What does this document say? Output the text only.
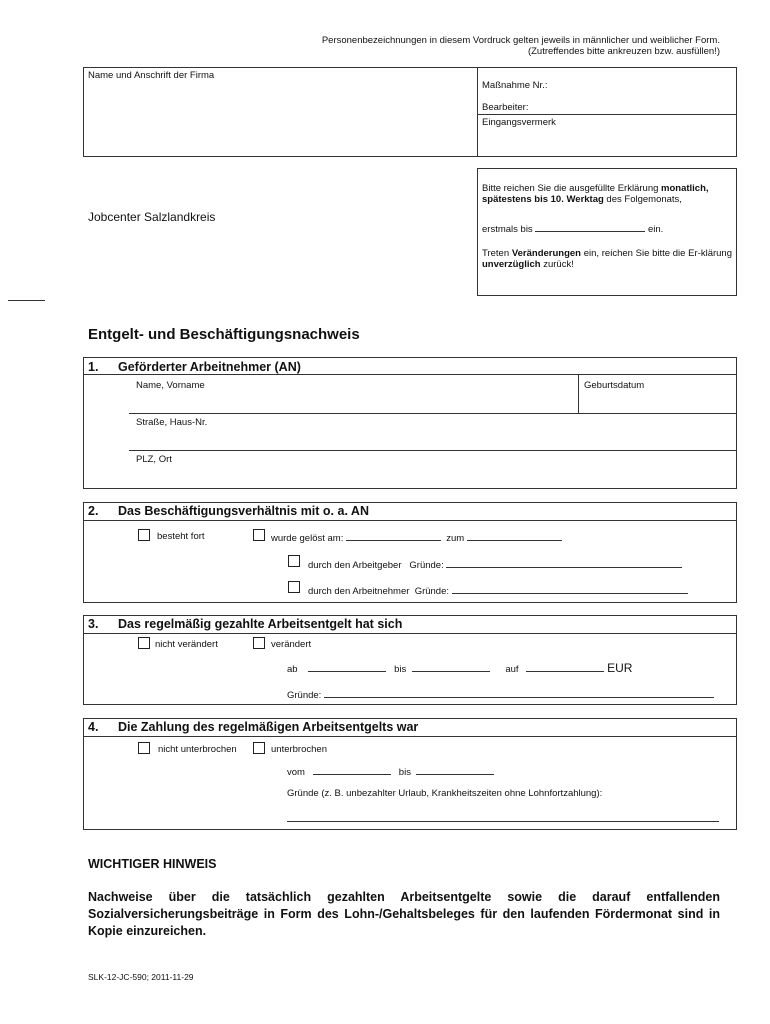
Personenbezeichnungen in diesem Vordruck gelten jeweils in männlicher und weiblicher Form.
(Zutreffendes bitte ankreuzen bzw. ausfüllen!)
Name und Anschrift der Firma
Maßnahme Nr.:
Bearbeiter:
Eingangsvermerk
Jobcenter Salzlandkreis
Bitte reichen Sie die ausgefüllte Erklärung monatlich, spätestens bis 10. Werktag des Folgemonats,
erstmals bis	ein.
Treten Veränderungen ein, reichen Sie bitte die Er-klärung unverzüglich zurück!
Entgelt- und Beschäftigungsnachweis
1. Geförderter Arbeitnehmer (AN)
Name, Vorname	Geburtsdatum
Straße, Haus-Nr.
PLZ, Ort
2. Das Beschäftigungsverhältnis mit o. a. AN
besteht fort	wurde gelöst am:	zum
durch den Arbeitgeber Gründe:
durch den Arbeitnehmer Gründe:
3. Das regelmäßig gezahlte Arbeitsentgelt hat sich
nicht verändert	verändert
ab	bis	auf	EUR
Gründe:
4. Die Zahlung des regelmäßigen Arbeitsentgelts war
nicht unterbrochen	unterbrochen
vom	bis
Gründe (z. B. unbezahlter Urlaub, Krankheitszeiten ohne Lohnfortzahlung):
WICHTIGER HINWEIS
Nachweise über die tatsächlich gezahlten Arbeitsentgelte sowie die darauf entfallenden Sozialversicherungsbeiträge in Form des Lohn-/Gehaltsbeleges für den laufenden Fördermonat sind in Kopie einzureichen.
SLK-12-JC-590; 2011-11-29
